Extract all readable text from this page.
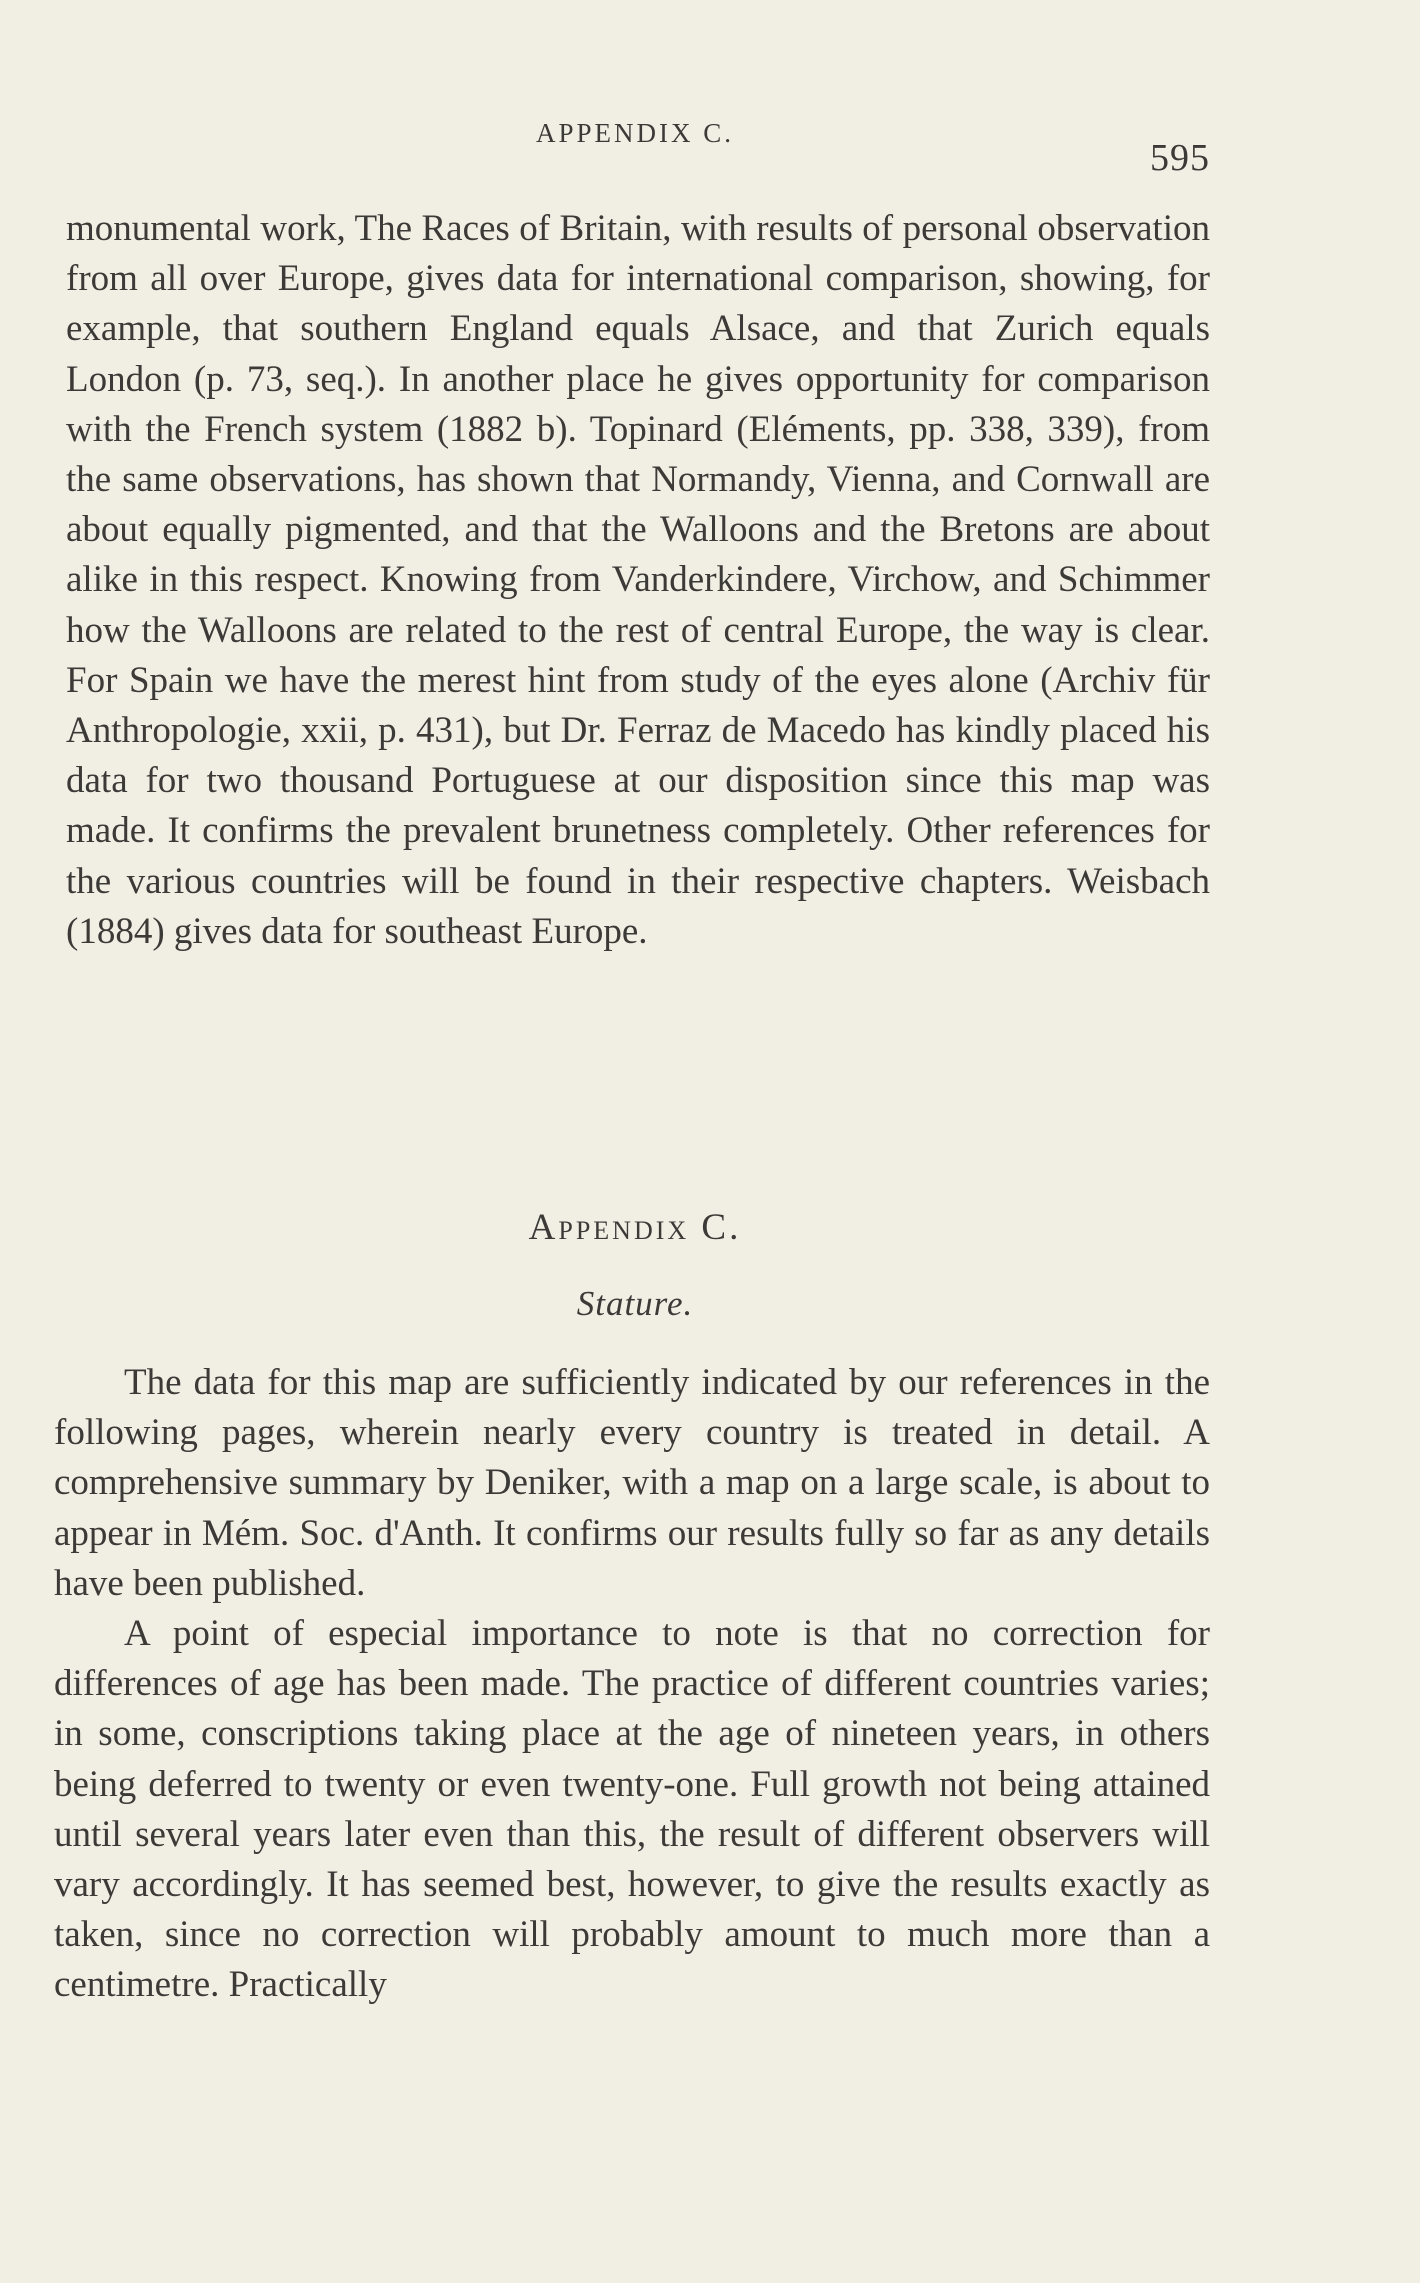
APPENDIX C.
595

monumental work, The Races of Britain, with results of personal observation from all over Europe, gives data for international comparison, showing, for example, that southern England equals Alsace, and that Zurich equals London (p. 73, seq.). In another place he gives opportunity for comparison with the French system (1882 b). Topinard (Eléments, pp. 338, 339), from the same observations, has shown that Normandy, Vienna, and Cornwall are about equally pigmented, and that the Walloons and the Bretons are about alike in this respect. Knowing from Vanderkindere, Virchow, and Schimmer how the Walloons are related to the rest of central Europe, the way is clear. For Spain we have the merest hint from study of the eyes alone (Archiv für Anthropologie, xxii, p. 431), but Dr. Ferraz de Macedo has kindly placed his data for two thousand Portuguese at our disposition since this map was made. It confirms the prevalent brunetness completely. Other references for the various countries will be found in their respective chapters. Weisbach (1884) gives data for southeast Europe.

Appendix C.
Stature.

The data for this map are sufficiently indicated by our references in the following pages, wherein nearly every country is treated in detail. A comprehensive summary by Deniker, with a map on a large scale, is about to appear in Mém. Soc. d'Anth. It confirms our results fully so far as any details have been published.

A point of especial importance to note is that no correction for differences of age has been made. The practice of different countries varies; in some, conscriptions taking place at the age of nineteen years, in others being deferred to twenty or even twenty-one. Full growth not being attained until several years later even than this, the result of different observers will vary accordingly. It has seemed best, however, to give the results exactly as taken, since no correction will probably amount to much more than a centimetre. Practically
